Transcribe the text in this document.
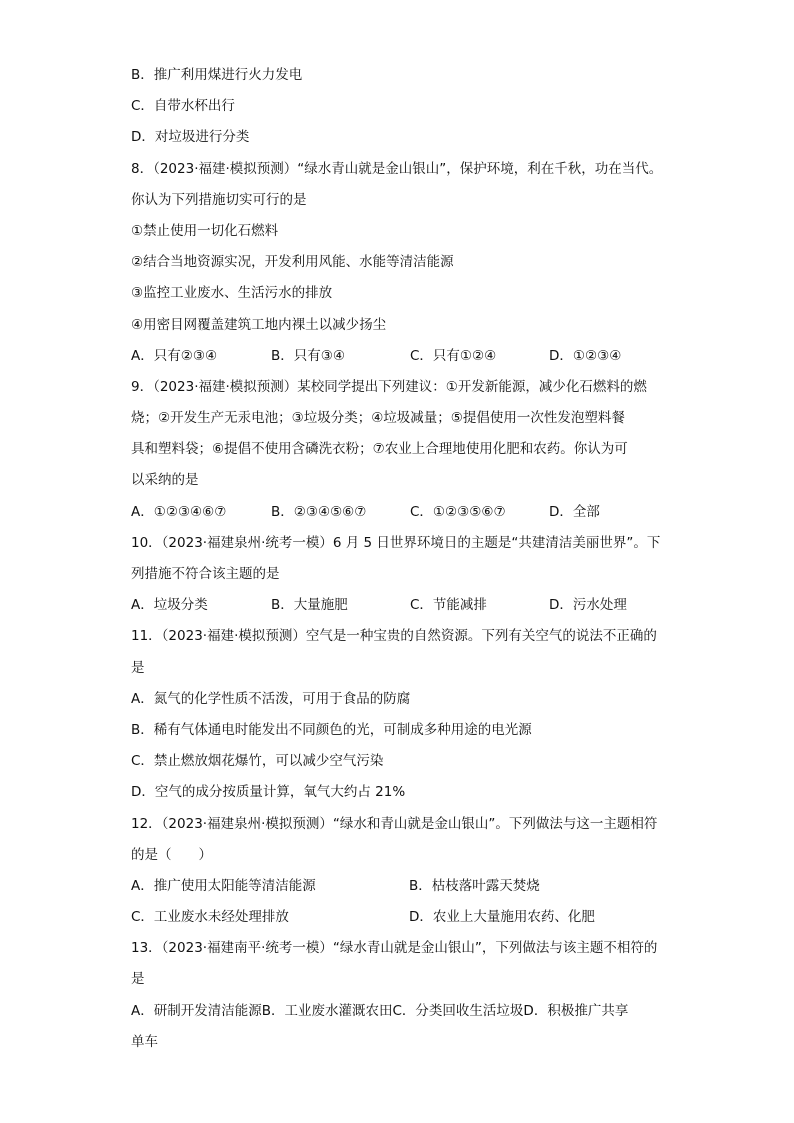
B．推广利用煤进行火力发电
C．自带水杯出行
D．对垃圾进行分类
8．（2023·福建·模拟预测）“绿水青山就是金山银山”，保护环境，利在千秋，功在当代。
你认为下列措施切实可行的是
①禁止使用一切化石燃料
②结合当地资源实况，开发利用风能、水能等清洁能源
③监控工业废水、生活污水的排放
④用密目网覆盖建筑工地内裸土以减少扬尘
A．只有②③④	B．只有③④	C．只有①②④	D．①②③④
9．（2023·福建·模拟预测）某校同学提出下列建议：①开发新能源，减少化石燃料的燃
烧；②开发生产无汞电池；③垃圾分类；④垃圾减量；⑤提倡使用一次性发泡塑料餐
具和塑料袋；⑥提倡不使用含磷洗衣粉；⑦农业上合理地使用化肥和农药。你认为可
以采纳的是
A．①②③④⑥⑦	B．②③④⑤⑥⑦	C．①②③⑤⑥⑦	D．全部
10．（2023·福建泉州·统考一模）6 月 5 日世界环境日的主题是“共建清洁美丽世界”。下
列措施不符合该主题的是
A．垃圾分类	B．大量施肥	C．节能减排	D．污水处理
11．（2023·福建·模拟预测）空气是一种宝贵的自然资源。下列有关空气的说法不正确的
是
A．氮气的化学性质不活泼，可用于食品的防腐
B．稀有气体通电时能发出不同颜色的光，可制成多种用途的电光源
C．禁止燃放烟花爆竹，可以减少空气污染
D．空气的成分按质量计算，氧气大约占 21%
12．（2023·福建泉州·模拟预测）“绿水和青山就是金山银山”。下列做法与这一主题相符
的是（　　）
A．推广使用太阳能等清洁能源	B．枯枝落叶露天焚烧
C．工业废水未经处理排放	D．农业上大量施用农药、化肥
13．（2023·福建南平·统考一模）“绿水青山就是金山银山”，下列做法与该主题不相符的
是
A．研制开发清洁能源B．工业废水灌溉农田C．分类回收生活垃圾D．积极推广共享
单车
